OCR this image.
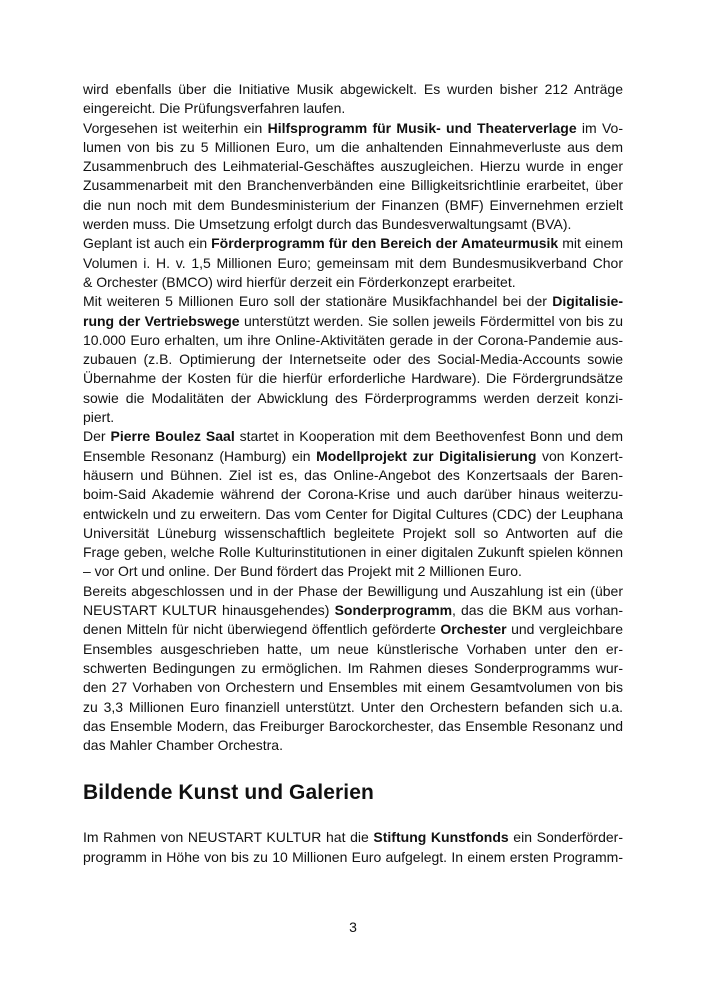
wird ebenfalls über die Initiative Musik abgewickelt. Es wurden bisher 212 Anträge
eingereicht. Die Prüfungsverfahren laufen.
Vorgesehen ist weiterhin ein Hilfsprogramm für Musik- und Theaterverlage im Vo-
lumen von bis zu 5 Millionen Euro, um die anhaltenden Einnahmeverluste aus dem
Zusammenbruch des Leihmaterial-Geschäftes auszugleichen. Hierzu wurde in enger
Zusammenarbeit mit den Branchenverbänden eine Billigkeitsrichtlinie erarbeitet, über
die nun noch mit dem Bundesministerium der Finanzen (BMF) Einvernehmen erzielt
werden muss. Die Umsetzung erfolgt durch das Bundesverwaltungsamt (BVA).
Geplant ist auch ein Förderprogramm für den Bereich der Amateurmusik mit einem
Volumen i. H. v. 1,5 Millionen Euro; gemeinsam mit dem Bundesmusikverband Chor
& Orchester (BMCO) wird hierfür derzeit ein Förderkonzept erarbeitet.
Mit weiteren 5 Millionen Euro soll der stationäre Musikfachhandel bei der Digitalisie-
rung der Vertriebswege unterstützt werden. Sie sollen jeweils Fördermittel von bis zu
10.000 Euro erhalten, um ihre Online-Aktivitäten gerade in der Corona-Pandemie aus-
zubauen (z.B. Optimierung der Internetseite oder des Social-Media-Accounts sowie
Übernahme der Kosten für die hierfür erforderliche Hardware). Die Fördergrundsätze
sowie die Modalitäten der Abwicklung des Förderprogramms werden derzeit konzi-
piert.
Der Pierre Boulez Saal startet in Kooperation mit dem Beethovenfest Bonn und dem
Ensemble Resonanz (Hamburg) ein Modellprojekt zur Digitalisierung von Konzert-
häusern und Bühnen. Ziel ist es, das Online-Angebot des Konzertsaals der Baren-
boim-Said Akademie während der Corona-Krise und auch darüber hinaus weiterzu-
entwickeln und zu erweitern. Das vom Center for Digital Cultures (CDC) der Leuphana
Universität Lüneburg wissenschaftlich begleitete Projekt soll so Antworten auf die
Frage geben, welche Rolle Kulturinstitutionen in einer digitalen Zukunft spielen können
– vor Ort und online. Der Bund fördert das Projekt mit 2 Millionen Euro.
Bereits abgeschlossen und in der Phase der Bewilligung und Auszahlung ist ein (über
NEUSTART KULTUR hinausgehendes) Sonderprogramm, das die BKM aus vorhan-
denen Mitteln für nicht überwiegend öffentlich geförderte Orchester und vergleichbare
Ensembles ausgeschrieben hatte, um neue künstlerische Vorhaben unter den er-
schwerten Bedingungen zu ermöglichen. Im Rahmen dieses Sonderprogramms wur-
den 27 Vorhaben von Orchestern und Ensembles mit einem Gesamtvolumen von bis
zu 3,3 Millionen Euro finanziell unterstützt. Unter den Orchestern befanden sich u.a.
das Ensemble Modern, das Freiburger Barockorchester, das Ensemble Resonanz und
das Mahler Chamber Orchestra.
Bildende Kunst und Galerien
Im Rahmen von NEUSTART KULTUR hat die Stiftung Kunstfonds ein Sonderförder-
programm in Höhe von bis zu 10 Millionen Euro aufgelegt. In einem ersten Programm-
3
